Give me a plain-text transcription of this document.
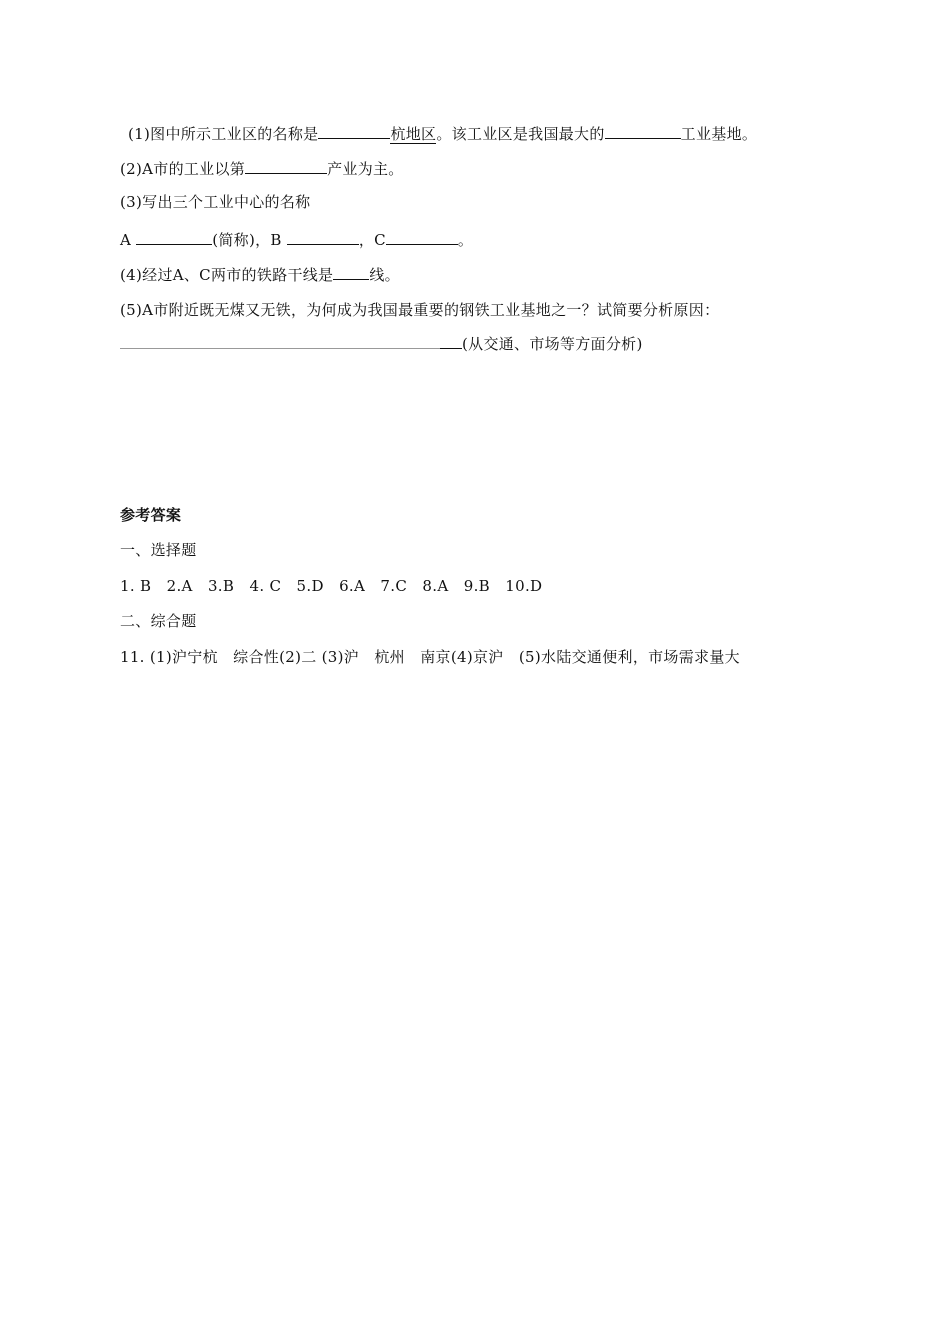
(1)图中所示工业区的名称是	杭地区。该工业区是我国最大的	工业基地。
(2)A市的工业以第	产业为主。
(3)写出三个工业中心的名称
A	(简称)，B	，C	。
(4)经过A、C两市的铁路干线是 线。
(5)A市附近既无煤又无铁，为何成为我国最重要的钢铁工业基地之一？试简要分析原因：
(从交通、市场等方面分析)
参考答案
一、选择题
1. B　2.A　3.B　4. C　5.D　6.A　7.C　8.A　9.B　10.D
二、综合题
11. (1)沪宁杭　综合性(2)二 (3)沪　杭州　南京(4)京沪　(5)水陆交通便利，市场需求量大
